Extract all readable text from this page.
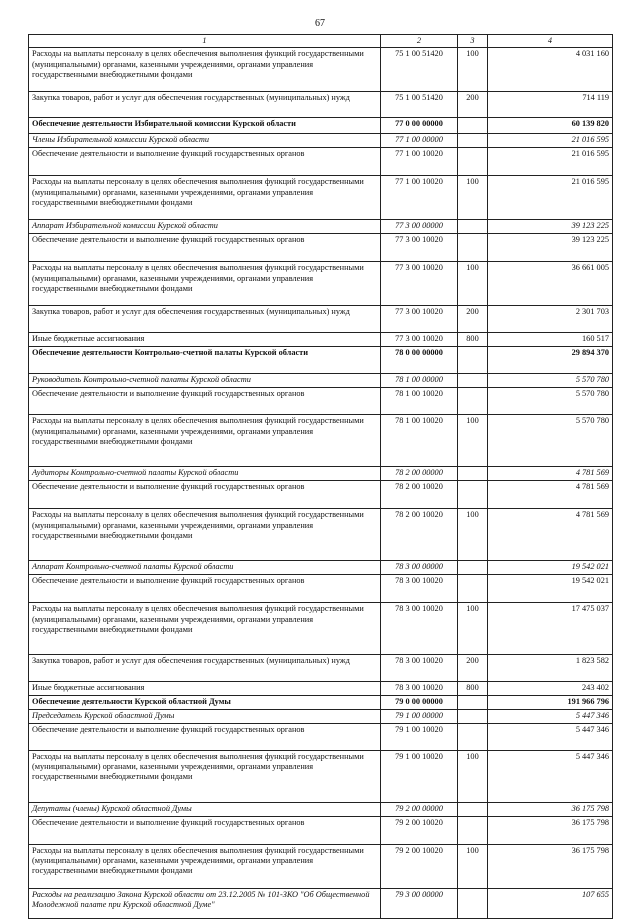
67
1	2	3	4
Расходы на выплаты персоналу в целях обеспечения выполнения функций государственными (муниципальными) органами, казенными учреждениями, органами управления государственными внебюджетными фондами	75 1 00 51420	100	4 031 160
Закупка товаров, работ и услуг для обеспечения государственных (муниципальных) нужд	75 1 00 51420	200	714 119
Обеспечение деятельности Избирательной комиссии Курской области	77 0 00 00000		60 139 820
Члены Избирательной комиссии Курской области	77 1 00 00000		21 016 595
Обеспечение деятельности и выполнение функций государственных органов	77 1 00 10020		21 016 595
Расходы на выплаты персоналу в целях обеспечения выполнения функций государственными (муниципальными) органами, казенными учреждениями, органами управления государственными внебюджетными фондами	77 1 00 10020	100	21 016 595
Аппарат Избирательной комиссии Курской области	77 3 00 00000		39 123 225
Обеспечение деятельности и выполнение функций государственных органов	77 3 00 10020		39 123 225
Расходы на выплаты персоналу в целях обеспечения выполнения функций государственными (муниципальными) органами, казенными учреждениями, органами управления государственными внебюджетными фондами	77 3 00 10020	100	36 661 005
Закупка товаров, работ и услуг для обеспечения государственных (муниципальных) нужд	77 3 00 10020	200	2 301 703
Иные бюджетные ассигнования	77 3 00 10020	800	160 517
Обеспечение деятельности Контрольно-счетной палаты Курской области	78 0 00 00000		29 894 370
Руководитель Контрольно-счетной палаты Курской области	78 1 00 00000		5 570 780
Обеспечение деятельности и выполнение функций государственных органов	78 1 00 10020		5 570 780
Расходы на выплаты персоналу в целях обеспечения выполнения функций государственными (муниципальными) органами, казенными учреждениями, органами управления государственными внебюджетными фондами	78 1 00 10020	100	5 570 780
Аудиторы Контрольно-счетной палаты Курской области	78 2 00 00000		4 781 569
Обеспечение деятельности и выполнение функций государственных органов	78 2 00 10020		4 781 569
Расходы на выплаты персоналу в целях обеспечения выполнения функций государственными (муниципальными) органами, казенными учреждениями, органами управления государственными внебюджетными фондами	78 2 00 10020	100	4 781 569
Аппарат Контрольно-счетной палаты Курской области	78 3 00 00000		19 542 021
Обеспечение деятельности и выполнение функций государственных органов	78 3 00 10020		19 542 021
Расходы на выплаты персоналу в целях обеспечения выполнения функций государственными (муниципальными) органами, казенными учреждениями, органами управления государственными внебюджетными фондами	78 3 00 10020	100	17 475 037
Закупка товаров, работ и услуг для обеспечения государственных (муниципальных) нужд	78 3 00 10020	200	1 823 582
Иные бюджетные ассигнования	78 3 00 10020	800	243 402
Обеспечение деятельности Курской областной Думы	79 0 00 00000		191 966 796
Председатель Курской областной Думы	79 1 00 00000		5 447 346
Обеспечение деятельности и выполнение функций государственных органов	79 1 00 10020		5 447 346
Расходы на выплаты персоналу в целях обеспечения выполнения функций государственными (муниципальными) органами, казенными учреждениями, органами управления государственными внебюджетными фондами	79 1 00 10020	100	5 447 346
Депутаты (члены) Курской областной Думы	79 2 00 00000		36 175 798
Обеспечение деятельности и выполнение функций государственных органов	79 2 00 10020		36 175 798
Расходы на выплаты персоналу в целях обеспечения выполнения функций государственными (муниципальными) органами, казенными учреждениями, органами управления государственными внебюджетными фондами	79 2 00 10020	100	36 175 798
Расходы на реализацию Закона Курской области от 23.12.2005 № 101-ЗКО "Об Общественной Молодежной палате при Курской областной Думе"	79 3 00 00000		107 655
